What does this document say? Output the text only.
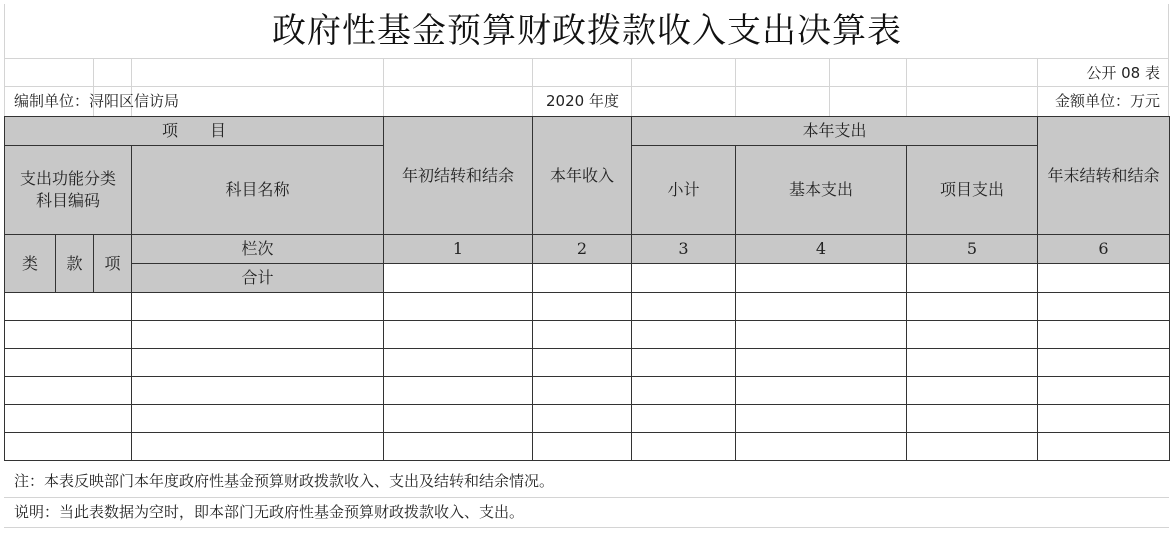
政府性基金预算财政拨款收入支出决算表
公开 08 表
编制单位：浔阳区信访局	2020 年度	金额单位：万元
项　　目				年初结转和结余	本年收入	本年支出			年末结转和结余
支出功能分类科目编码			科目名称			小计	基本支出	项目支出	
类	款	项	栏次	1	2	3	4	5	6
			合计						

注：本表反映部门本年度政府性基金预算财政拨款收入、支出及结转和结余情况。
说明：当此表数据为空时，即本部门无政府性基金预算财政拨款收入、支出。
